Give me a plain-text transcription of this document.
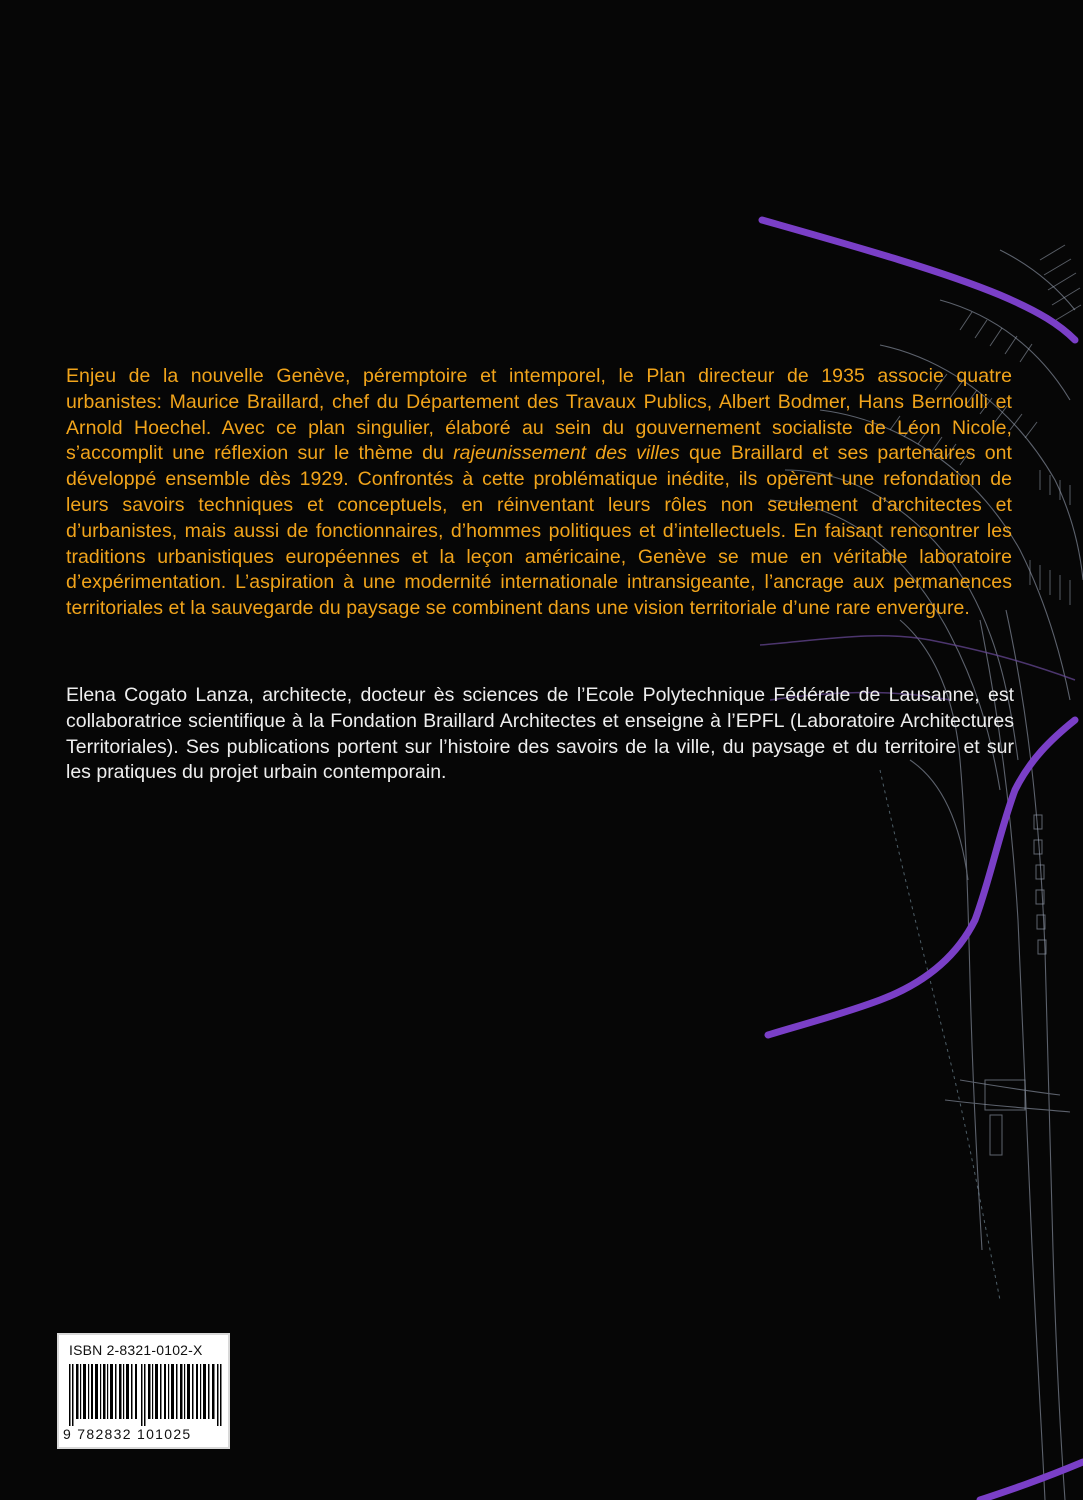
Enjeu de la nouvelle Genève, péremptoire et intemporel, le Plan directeur de 1935 associe quatre urbanistes: Maurice Braillard, chef du Département des Travaux Publics, Albert Bodmer, Hans Bernoulli et Arnold Hoechel. Avec ce plan singulier, élaboré au sein du gouvernement socialiste de Léon Nicole, s’accomplit une réflexion sur le thème du rajeunissement des villes que Braillard et ses partenaires ont développé ensemble dès 1929. Confrontés à cette problématique inédite, ils opèrent une refondation de leurs savoirs techniques et conceptuels, en réinventant leurs rôles non seulement d’architectes et d’urbanistes, mais aussi de fonctionnaires, d’hommes politiques et d’intellectuels. En faisant rencontrer les traditions urbanistiques européennes et la leçon américaine, Genève se mue en véritable laboratoire d’expérimentation. L’aspiration à une modernité internationale intransigeante, l’ancrage aux permanences territoriales et la sauvegarde du paysage se combinent dans une vision territoriale d’une rare envergure.

Elena Cogato Lanza, architecte, docteur ès sciences de l’Ecole Polytechnique Fédérale de Lausanne, est collaboratrice scientifique à la Fondation Braillard Architectes et enseigne à l’EPFL (Laboratoire Architectures Territoriales). Ses publications portent sur l’histoire des savoirs de la ville, du paysage et du territoire et sur les pratiques du projet urbain contemporain.

ISBN 2-8321-0102-X
9 782832 101025
